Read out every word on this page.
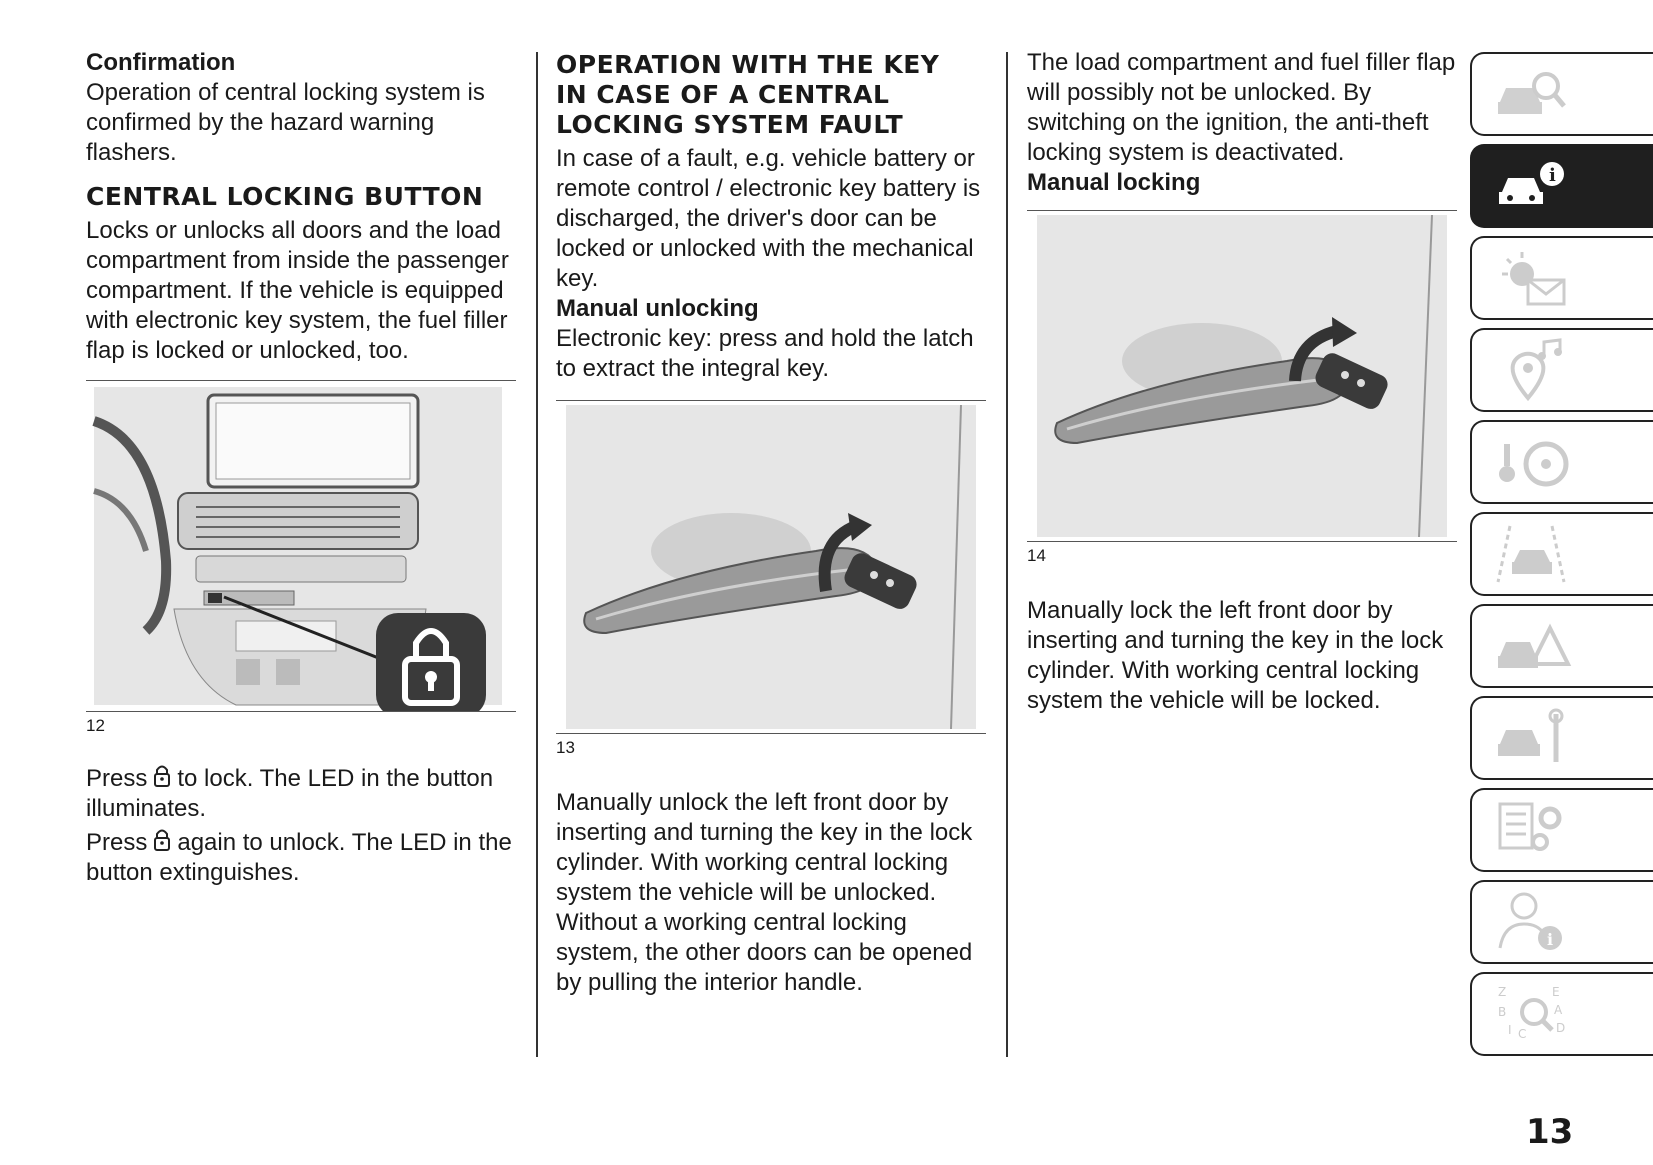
Confirmation

Operation of central locking system is confirmed by the hazard warning flashers.

CENTRAL LOCKING BUTTON

Locks or unlocks all doors and the load compartment from inside the passenger compartment. If the vehicle is equipped with electronic key system, the fuel filler flap is locked or unlocked, too.

12

Press to lock. The LED in the button illuminates.

Press again to unlock. The LED in the button extinguishes.

OPERATION WITH THE KEY IN CASE OF A CENTRAL LOCKING SYSTEM FAULT

In case of a fault, e.g. vehicle battery or remote control / electronic key battery is discharged, the driver's door can be locked or unlocked with the mechanical key.

Manual unlocking

Electronic key: press and hold the latch to extract the integral key.

13

Manually unlock the left front door by inserting and turning the key in the lock cylinder. With working central locking system the vehicle will be unlocked. Without a working central locking system, the other doors can be opened by pulling the interior handle.

The load compartment and fuel filler flap will possibly not be unlocked. By switching on the ignition, the anti-theft locking system is deactivated.

Manual locking

14

Manually lock the left front door by inserting and turning the key in the lock cylinder. With working central locking system the vehicle will be locked.

i
i
Z
B
I C
E
A
D
13
